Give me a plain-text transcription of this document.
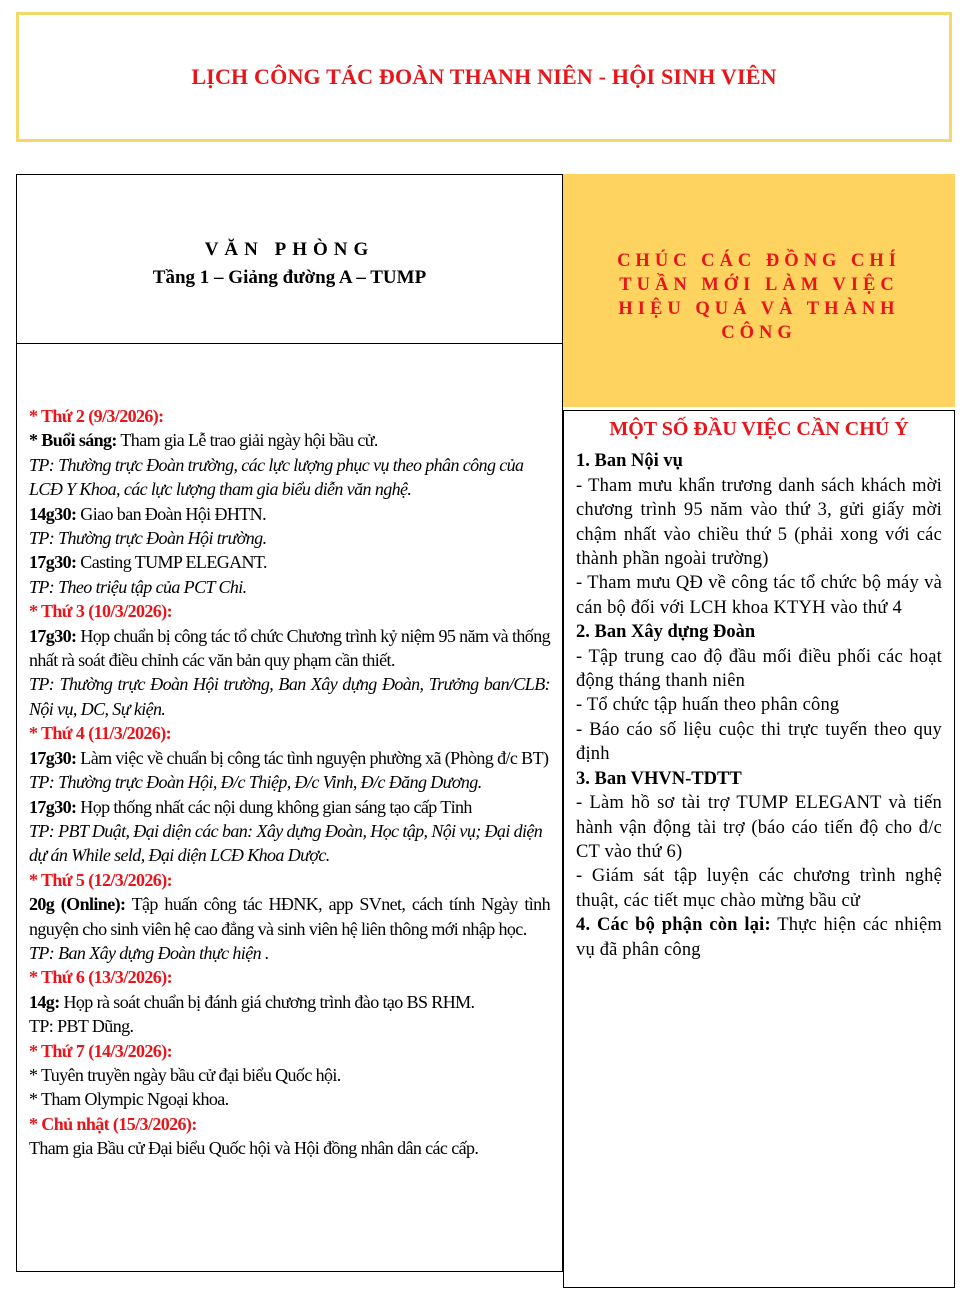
LỊCH CÔNG TÁC ĐOÀN THANH NIÊN - HỘI SINH VIÊN
VĂN PHÒNG
Tầng 1 – Giảng đường A – TUMP
CHÚC CÁC ĐỒNG CHÍ TUẦN MỚI LÀM VIỆC HIỆU QUẢ VÀ THÀNH CÔNG
* Thứ 2 (9/3/2026):
* Buổi sáng: Tham gia Lễ trao giải ngày hội bầu cử.
TP: Thường trực Đoàn trường, các lực lượng phục vụ theo phân công của LCĐ Y Khoa, các lực lượng tham gia biểu diễn văn nghệ.
14g30: Giao ban Đoàn Hội ĐHTN.
TP: Thường trực Đoàn Hội trường.
17g30: Casting TUMP ELEGANT.
TP: Theo triệu tập của PCT Chi.
* Thứ 3 (10/3/2026):
17g30: Họp chuẩn bị công tác tổ chức Chương trình kỷ niệm 95 năm và thống nhất rà soát điều chỉnh các văn bản quy phạm cần thiết.
TP: Thường trực Đoàn Hội trường, Ban Xây dựng Đoàn, Trưởng ban/CLB: Nội vụ, DC, Sự kiện.
* Thứ 4 (11/3/2026):
17g30: Làm việc về chuẩn bị công tác tình nguyện phường xã (Phòng đ/c BT)
TP: Thường trực Đoàn Hội, Đ/c Thiệp, Đ/c Vinh, Đ/c Đăng Dương.
17g30: Họp thống nhất các nội dung không gian sáng tạo cấp Tỉnh
TP: PBT Duật, Đại diện các ban: Xây dựng Đoàn, Học tập, Nội vụ; Đại diện dự án While seld, Đại diện LCĐ Khoa Dược.
* Thứ 5 (12/3/2026):
20g (Online): Tập huấn công tác HĐNK, app SVnet, cách tính Ngày tình nguyện cho sinh viên hệ cao đẳng và sinh viên hệ liên thông mới nhập học.
TP: Ban Xây dựng Đoàn thực hiện .
* Thứ 6 (13/3/2026):
14g: Họp rà soát chuẩn bị đánh giá chương trình đào tạo BS RHM.
TP: PBT Dũng.
* Thứ 7 (14/3/2026):
* Tuyên truyền ngày bầu cử đại biểu Quốc hội.
* Tham Olympic Ngoại khoa.
* Chủ nhật (15/3/2026):
Tham gia Bầu cử Đại biểu Quốc hội và Hội đồng nhân dân các cấp.
MỘT SỐ ĐẦU VIỆC CẦN CHÚ Ý
1. Ban Nội vụ
- Tham mưu khẩn trương danh sách khách mời chương trình 95 năm vào thứ 3, gửi giấy mời chậm nhất vào chiều thứ 5 (phải xong với các thành phần ngoài trường)
- Tham mưu QĐ về công tác tổ chức bộ máy và cán bộ đối với LCH khoa KTYH vào thứ 4
2. Ban Xây dựng Đoàn
- Tập trung cao độ đầu mối điều phối các hoạt động tháng thanh niên
- Tổ chức tập huấn theo phân công
- Báo cáo số liệu cuộc thi trực tuyến theo quy định
3. Ban VHVN-TDTT
- Làm hồ sơ tài trợ TUMP ELEGANT và tiến hành vận động tài trợ (báo cáo tiến độ cho đ/c CT vào thứ 6)
- Giám sát tập luyện các chương trình nghệ thuật, các tiết mục chào mừng bầu cử
4. Các bộ phận còn lại: Thực hiện các nhiệm vụ đã phân công
